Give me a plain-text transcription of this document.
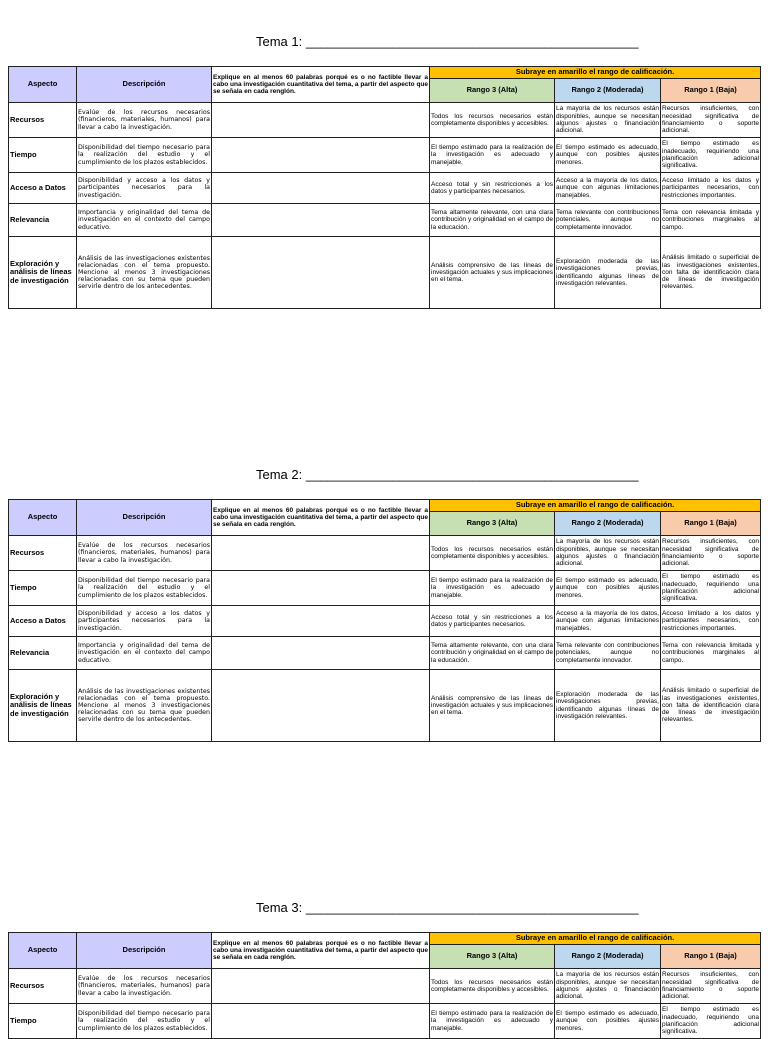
Tema 1: ______________________________________________
Aspecto	Descripción	Explique en al menos 60 palabras porqué es o no factible llevar a cabo una investigación cuantitativa del tema, a partir del aspecto que se señala en cada renglón.	Subraye en amarillo el rango de calificación.		
			Rango 3 (Alta)	Rango 2 (Moderada)	Rango 1 (Baja)
Recursos	Evalúe de los recursos necesarios (financieros, materiales, humanos) para llevar a cabo la investigación.		Todos los recursos necesarios están completamente disponibles y accesibles.	La mayoría de los recursos están disponibles, aunque se necesitan algunos ajustes o financiación adicional.	Recursos insuficientes, con necesidad significativa de financiamiento o soporte adicional.
Tiempo	Disponibilidad del tiempo necesario para la realización del estudio y el cumplimiento de los plazos establecidos.		El tiempo estimado para la realización de la investigación es adecuado y manejable.	El tiempo estimado es adecuado, aunque con posibles ajustes menores.	El tiempo estimado es inadecuado, requiriendo una planificación adicional significativa.
Acceso a Datos	Disponibilidad y acceso a los datos y participantes necesarios para la investigación.		Acceso total y sin restricciones a los datos y participantes necesarios.	Acceso a la mayoría de los datos, aunque con algunas limitaciones manejables.	Acceso limitado a los datos y participantes necesarios, con restricciones importantes.
Relevancia	Importancia y originalidad del tema de investigación en el contexto del campo educativo.		Tema altamente relevante, con una clara contribución y originalidad en el campo de la educación.	Tema relevante con contribuciones potenciales, aunque no completamente innovador.	Tema con relevancia limitada y contribuciones marginales al campo.
Exploración y análisis de líneas de investigación	Análisis de las investigaciones existentes relacionadas con el tema propuesto. Mencione al menos 3 investigaciones relacionadas con su tema que pueden servirle dentro de los antecedentes.		Análisis comprensivo de las líneas de investigación actuales y sus implicaciones en el tema.	Exploración moderada de las investigaciones previas, identificando algunas líneas de investigación relevantes.	Análisis limitado o superficial de las investigaciones existentes, con falta de identificación clara de líneas de investigación relevantes.
Tema 2: ______________________________________________
Aspecto	Descripción	Explique en al menos 60 palabras porqué es o no factible llevar a cabo una investigación cuantitativa del tema, a partir del aspecto que se señala en cada renglón.	Subraye en amarillo el rango de calificación.		
			Rango 3 (Alta)	Rango 2 (Moderada)	Rango 1 (Baja)
Recursos	Evalúe de los recursos necesarios (financieros, materiales, humanos) para llevar a cabo la investigación.		Todos los recursos necesarios están completamente disponibles y accesibles.	La mayoría de los recursos están disponibles, aunque se necesitan algunos ajustes o financiación adicional.	Recursos insuficientes, con necesidad significativa de financiamiento o soporte adicional.
Tiempo	Disponibilidad del tiempo necesario para la realización del estudio y el cumplimiento de los plazos establecidos.		El tiempo estimado para la realización de la investigación es adecuado y manejable.	El tiempo estimado es adecuado, aunque con posibles ajustes menores.	El tiempo estimado es inadecuado, requiriendo una planificación adicional significativa.
Acceso a Datos	Disponibilidad y acceso a los datos y participantes necesarios para la investigación.		Acceso total y sin restricciones a los datos y participantes necesarios.	Acceso a la mayoría de los datos, aunque con algunas limitaciones manejables.	Acceso limitado a los datos y participantes necesarios, con restricciones importantes.
Relevancia	Importancia y originalidad del tema de investigación en el contexto del campo educativo.		Tema altamente relevante, con una clara contribución y originalidad en el campo de la educación.	Tema relevante con contribuciones potenciales, aunque no completamente innovador.	Tema con relevancia limitada y contribuciones marginales al campo.
Exploración y análisis de líneas de investigación	Análisis de las investigaciones existentes relacionadas con el tema propuesto. Mencione al menos 3 investigaciones relacionadas con su tema que pueden servirle dentro de los antecedentes.		Análisis comprensivo de las líneas de investigación actuales y sus implicaciones en el tema.	Exploración moderada de las investigaciones previas, identificando algunas líneas de investigación relevantes.	Análisis limitado o superficial de las investigaciones existentes, con falta de identificación clara de líneas de investigación relevantes.
Tema 3: ______________________________________________
Aspecto	Descripción	Explique en al menos 60 palabras porqué es o no factible llevar a cabo una investigación cuantitativa del tema, a partir del aspecto que se señala en cada renglón.	Subraye en amarillo el rango de calificación.		
			Rango 3 (Alta)	Rango 2 (Moderada)	Rango 1 (Baja)
Recursos	Evalúe de los recursos necesarios (financieros, materiales, humanos) para llevar a cabo la investigación.		Todos los recursos necesarios están completamente disponibles y accesibles.	La mayoría de los recursos están disponibles, aunque se necesitan algunos ajustes o financiación adicional.	Recursos insuficientes, con necesidad significativa de financiamiento o soporte adicional.
Tiempo	Disponibilidad del tiempo necesario para la realización del estudio y el cumplimiento de los plazos establecidos.		El tiempo estimado para la realización de la investigación es adecuado y manejable.	El tiempo estimado es adecuado, aunque con posibles ajustes menores.	El tiempo estimado es inadecuado, requiriendo una planificación adicional significativa.
